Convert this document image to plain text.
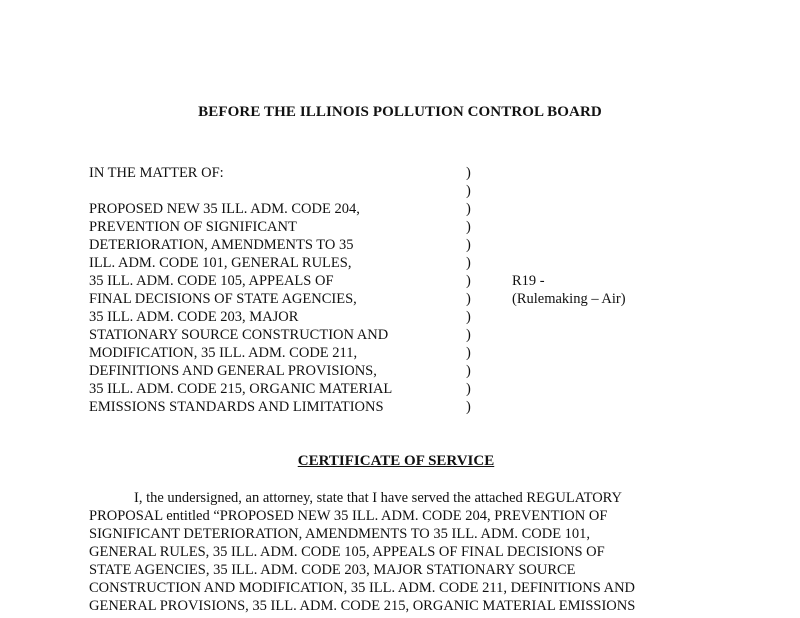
BEFORE THE ILLINOIS POLLUTION CONTROL BOARD
IN THE MATTER OF:
PROPOSED NEW 35 ILL. ADM. CODE 204,
PREVENTION OF SIGNIFICANT
DETERIORATION, AMENDMENTS TO 35
ILL. ADM. CODE 101, GENERAL RULES,
35 ILL. ADM. CODE 105, APPEALS OF
FINAL DECISIONS OF STATE AGENCIES,
35 ILL. ADM. CODE 203, MAJOR
STATIONARY SOURCE CONSTRUCTION AND
MODIFICATION, 35 ILL. ADM. CODE 211,
DEFINITIONS AND GENERAL PROVISIONS,
35 ILL. ADM. CODE 215, ORGANIC MATERIAL
EMISSIONS STANDARDS AND LIMITATIONS
)
)
)
)
)
)
)
)
)
)
)
)
)
)
R19 -
(Rulemaking – Air)
CERTIFICATE OF SERVICE
I, the undersigned, an attorney, state that I have served the attached REGULATORY
PROPOSAL entitled “PROPOSED NEW 35 ILL. ADM. CODE 204, PREVENTION OF
SIGNIFICANT DETERIORATION, AMENDMENTS TO 35 ILL. ADM. CODE 101,
GENERAL RULES, 35 ILL. ADM. CODE 105, APPEALS OF FINAL DECISIONS OF
STATE AGENCIES, 35 ILL. ADM. CODE 203, MAJOR STATIONARY SOURCE
CONSTRUCTION AND MODIFICATION, 35 ILL. ADM. CODE 211, DEFINITIONS AND
GENERAL PROVISIONS, 35 ILL. ADM. CODE 215, ORGANIC MATERIAL EMISSIONS
